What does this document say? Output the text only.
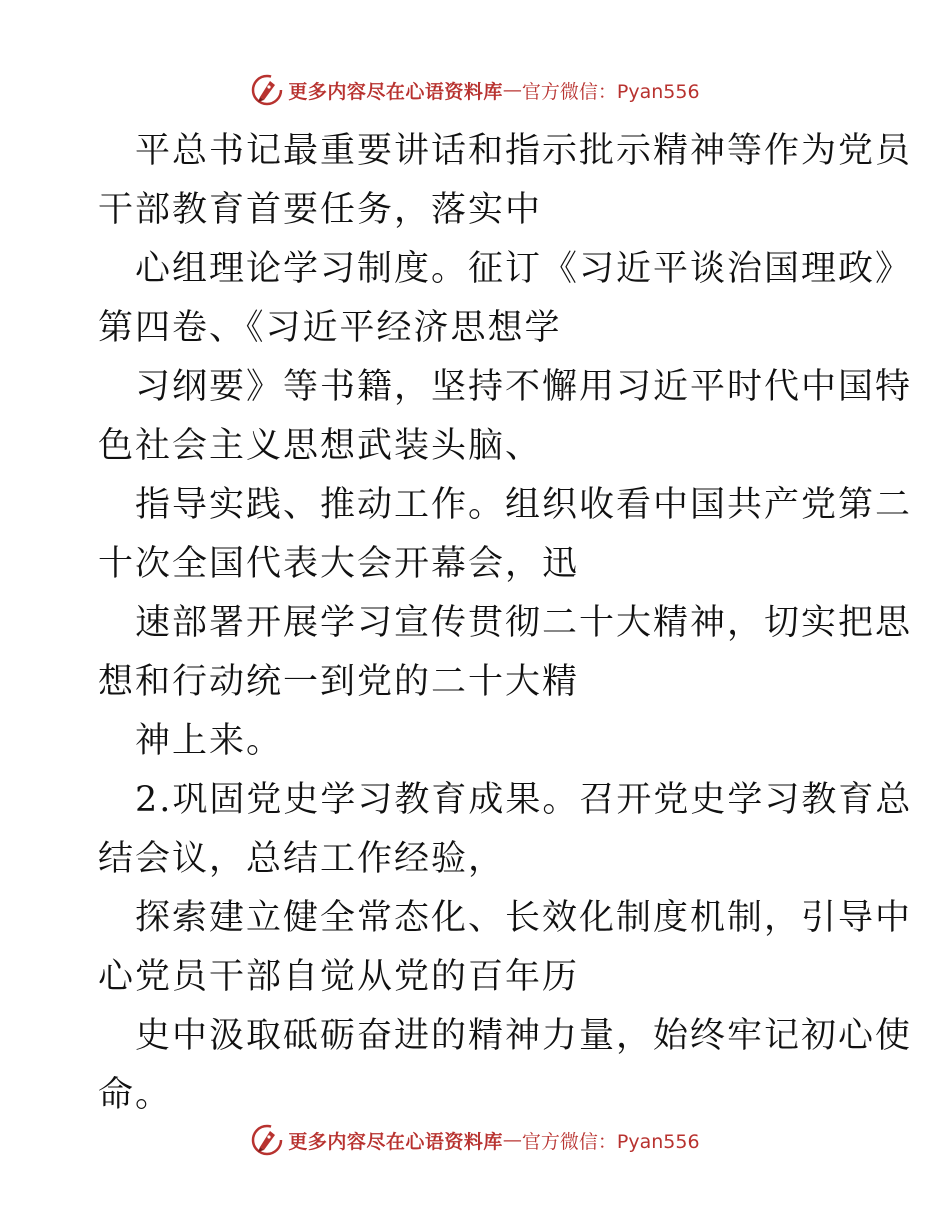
更多内容尽在心语资料库 — 官方微信：Pyan556
平总书记最重要讲话和指示批示精神等作为党员
干部教育首要任务，落实中
心组理论学习制度。征订《习近平谈治国理政》
第四卷、《习近平经济思想学
习纲要》等书籍，坚持不懈用习近平时代中国特
色社会主义思想武装头脑、
指导实践、推动工作。组织收看中国共产党第二
十次全国代表大会开幕会，迅
速部署开展学习宣传贯彻二十大精神，切实把思
想和行动统一到党的二十大精
神上来。
2.巩固党史学习教育成果。召开党史学习教育总
结会议，总结工作经验，
探索建立健全常态化、长效化制度机制，引导中
心党员干部自觉从党的百年历
史中汲取砥砺奋进的精神力量，始终牢记初心使
命。
更多内容尽在心语资料库 — 官方微信：Pyan556
